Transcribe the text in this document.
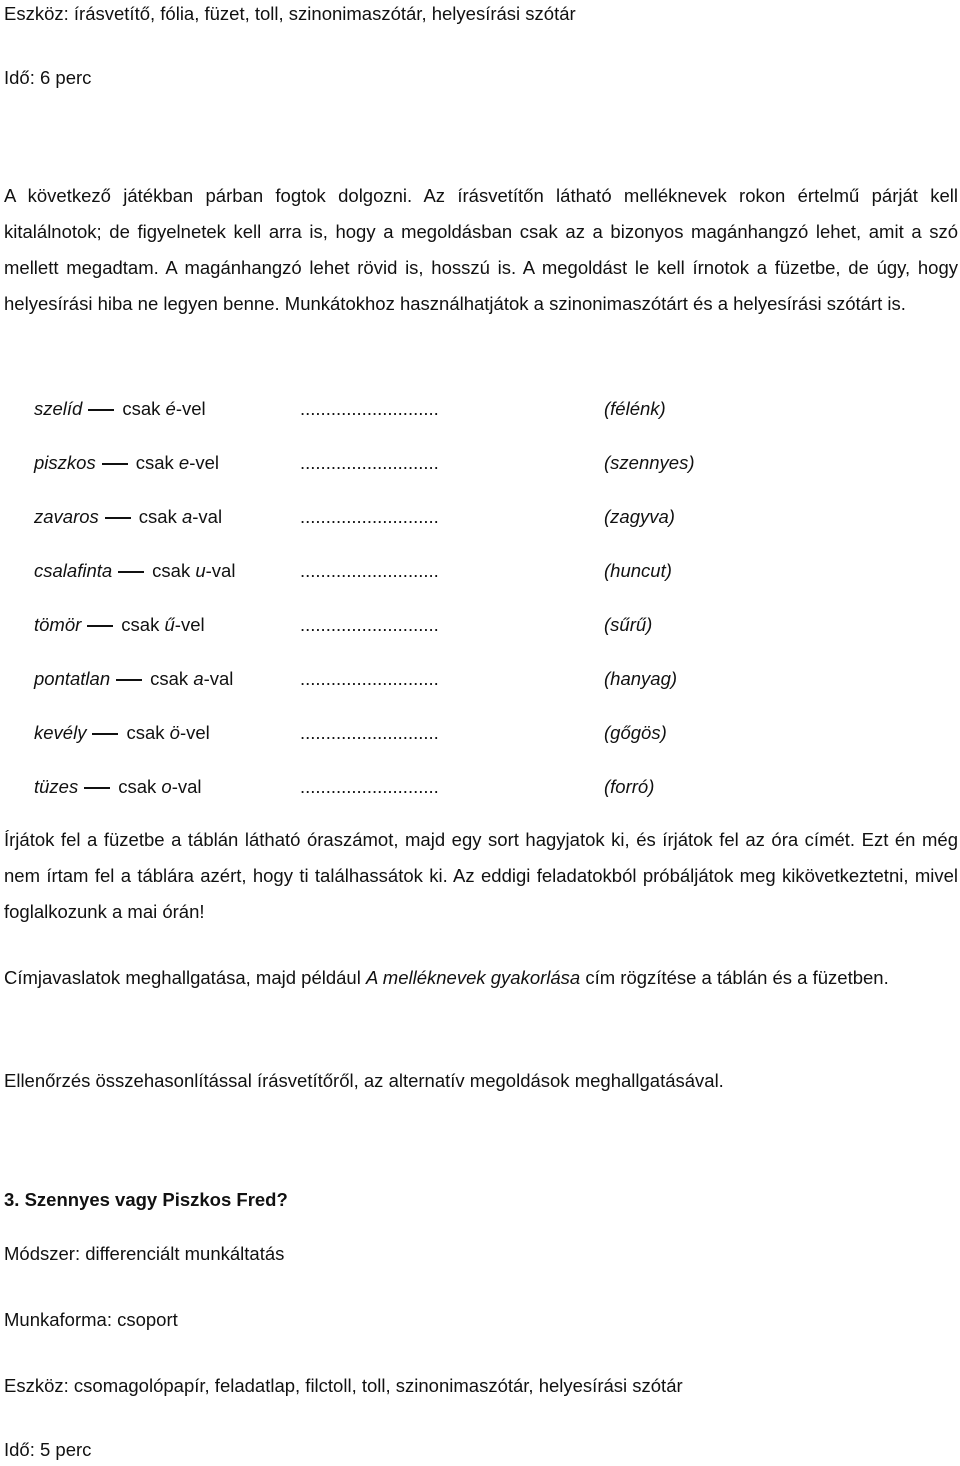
Eszköz: írásvetítő, fólia, füzet, toll, szinonimaszótár, helyesírási szótár
Idő: 6 perc
A következő játékban párban fogtok dolgozni. Az írásvetítőn látható melléknevek rokon értelmű párját kell kitalálnotok; de figyelnetek kell arra is, hogy a megoldásban csak az a bizonyos magánhangzó lehet, amit a szó mellett megadtam. A magánhangzó lehet rövid is, hosszú is. A megoldást le kell írnotok a füzetbe, de úgy, hogy helyesírási hiba ne legyen benne. Munkátokhoz használhatjátok a szinonimaszótárt és a helyesírási szótárt is.
szelíd csak é-vel	...........................	(félénk)
piszkos csak e-vel	...........................	(szennyes)
zavaros csak a-val	...........................	(zagyva)
csalafinta csak u-val	...........................	(huncut)
tömör csak ű-vel	...........................	(sűrű)
pontatlan csak a-val	...........................	(hanyag)
kevély csak ö-vel	...........................	(gőgös)
tüzes csak o-val	...........................	(forró)
Írjátok fel a füzetbe a táblán látható óraszámot, majd egy sort hagyjatok ki, és írjátok fel az óra címét. Ezt én még nem írtam fel a táblára azért, hogy ti találhassátok ki. Az eddigi feladatokból próbáljátok meg kikövetkeztetni, mivel foglalkozunk a mai órán!
Címjavaslatok meghallgatása, majd például A melléknevek gyakorlása cím rögzítése a táblán és a füzetben.
Ellenőrzés összehasonlítással írásvetítőről, az alternatív megoldások meghallgatásával.
3. Szennyes vagy Piszkos Fred?
Módszer: differenciált munkáltatás
Munkaforma: csoport
Eszköz: csomagolópapír, feladatlap, filctoll, toll, szinonimaszótár, helyesírási szótár
Idő: 5 perc
